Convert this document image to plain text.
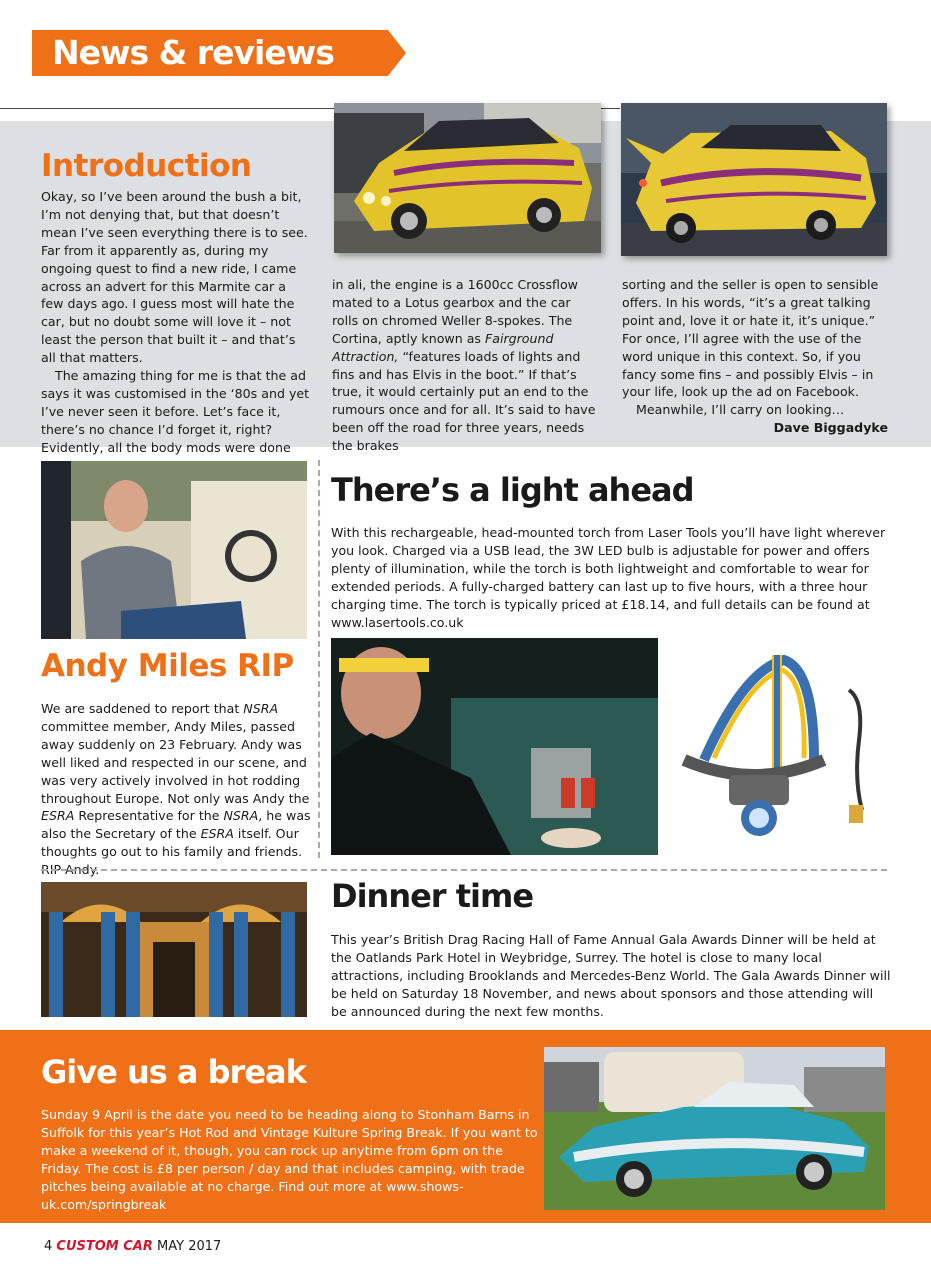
News & reviews
Introduction

Okay, so I’ve been around the bush a bit, I’m not denying that, but that doesn’t mean I’ve seen everything there is to see. Far from it apparently as, during my ongoing quest to find a new ride, I came across an advert for this Marmite car a few days ago. I guess most will hate the car, but no doubt some will love it – not least the person that built it – and that’s all that matters.

The amazing thing for me is that the ad says it was customised in the ‘80s and yet I’ve never seen it before. Let’s face it, there’s no chance I’d forget it, right? Evidently, all the body mods were done

in ali, the engine is a 1600cc Crossflow mated to a Lotus gearbox and the car rolls on chromed Weller 8-spokes. The Cortina, aptly known as Fairground Attraction, “features loads of lights and fins and has Elvis in the boot.” If that’s true, it would certainly put an end to the rumours once and for all. It’s said to have been off the road for three years, needs the brakes

sorting and the seller is open to sensible offers. In his words, “it’s a great talking point and, love it or hate it, it’s unique.” For once, I’ll agree with the use of the word unique in this context. So, if you fancy some fins – and possibly Elvis – in your life, look up the ad on Facebook.

Meanwhile, I’ll carry on looking…

Dave Biggadyke

There’s a light ahead
With this rechargeable, head-mounted torch from Laser Tools you’ll have light wherever you look. Charged via a USB lead, the 3W LED bulb is adjustable for power and offers plenty of illumination, while the torch is both lightweight and comfortable to wear for extended periods. A fully-charged battery can last up to five hours, with a three hour charging time. The torch is typically priced at £18.14, and full details can be found at www.lasertools.co.uk
Andy Miles RIP
We are saddened to report that NSRA committee member, Andy Miles, passed away suddenly on 23 February. Andy was well liked and respected in our scene, and was very actively involved in hot rodding throughout Europe. Not only was Andy the ESRA Representative for the NSRA, he was also the Secretary of the ESRA itself. Our thoughts go out to his family and friends. RIP Andy.
Dinner time
This year’s British Drag Racing Hall of Fame Annual Gala Awards Dinner will be held at the Oatlands Park Hotel in Weybridge, Surrey. The hotel is close to many local attractions, including Brooklands and Mercedes-Benz World. The Gala Awards Dinner will be held on Saturday 18 November, and news about sponsors and those attending will be announced during the next few months.
Give us a break
Sunday 9 April is the date you need to be heading along to Stonham Barns in Suffolk for this year’s Hot Rod and Vintage Kulture Spring Break. If you want to make a weekend of it, though, you can rock up anytime from 6pm on the Friday. The cost is £8 per person / day and that includes camping, with trade pitches being available at no charge. Find out more at www.shows-uk.com/springbreak
4 CUSTOM CAR MAY 2017
